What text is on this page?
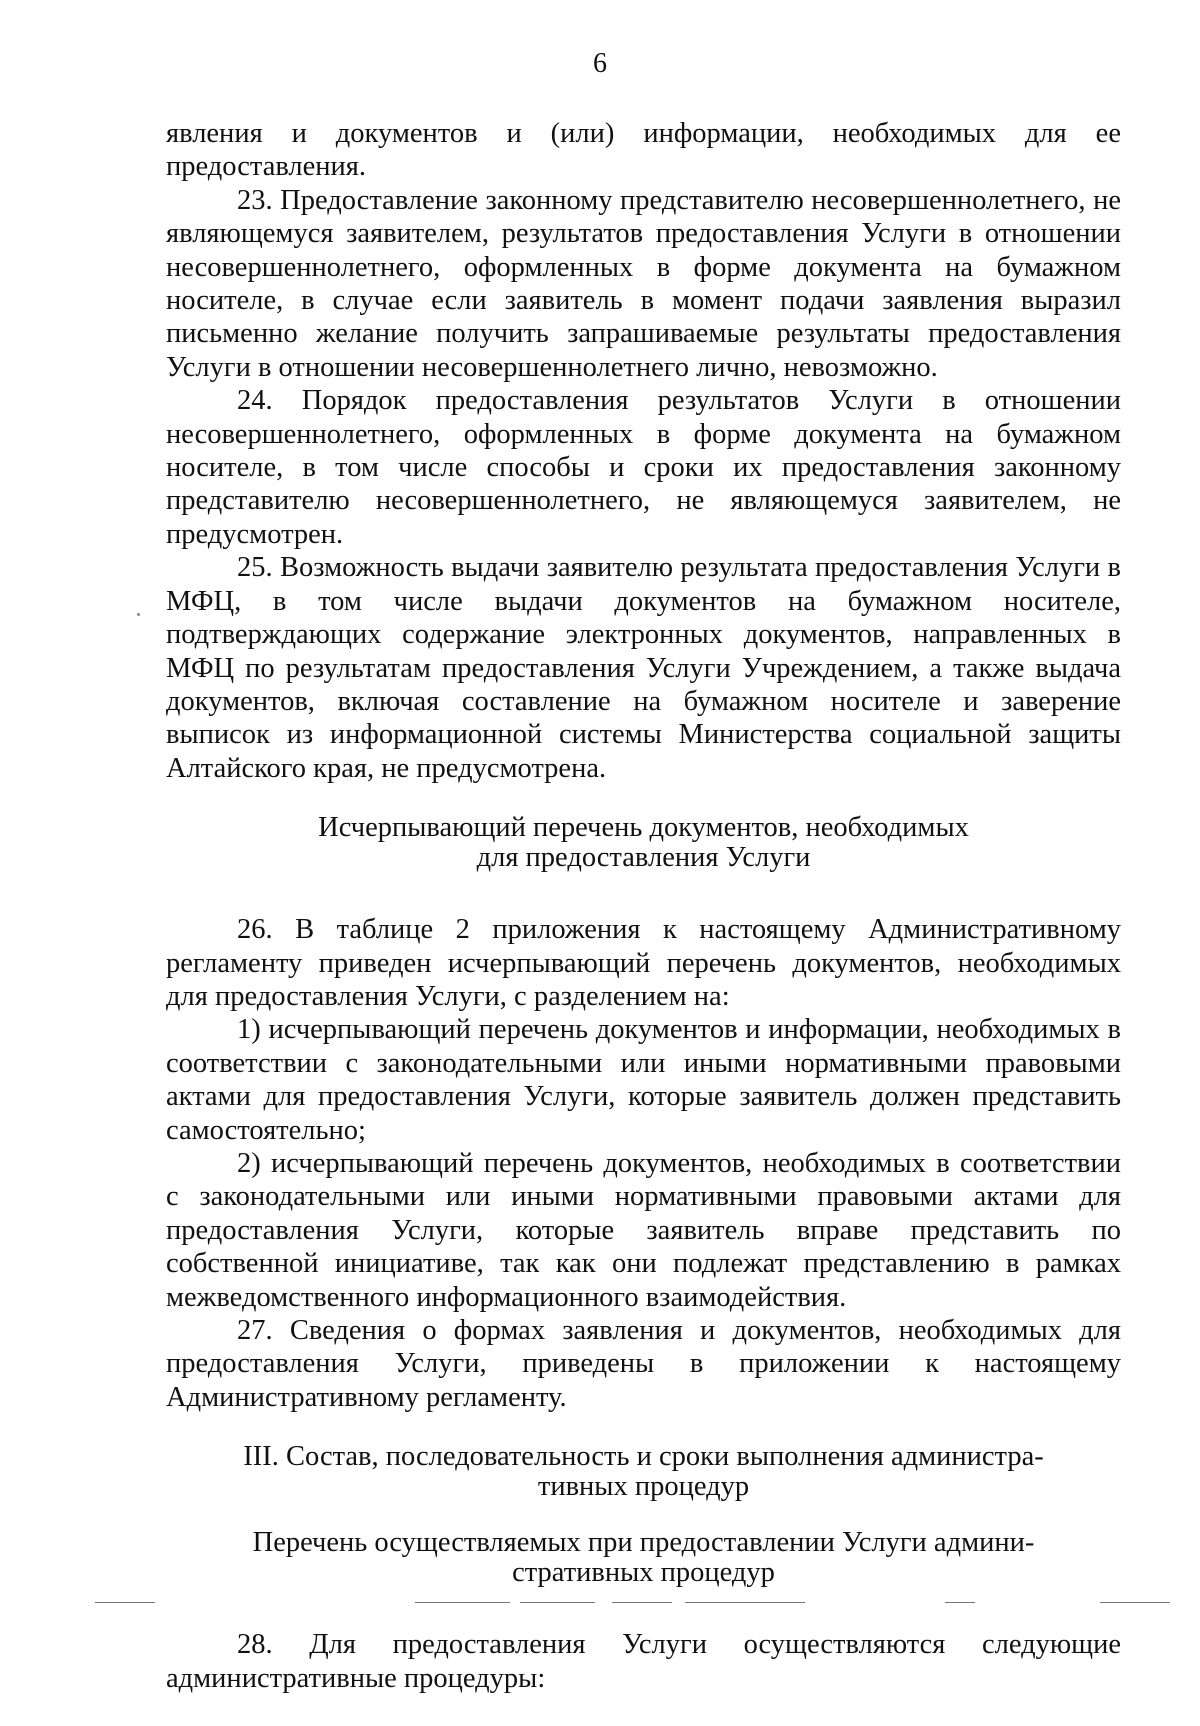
6

явления и документов и (или) информации, необходимых для ее предоставления.

23. Предоставление законному представителю несовершеннолетнего, не являющемуся заявителем, результатов предоставления Услуги в отношении несовершеннолетнего, оформленных в форме документа на бумажном носителе, в случае если заявитель в момент подачи заявления выразил письменно желание получить запрашиваемые результаты предоставления Услуги в отношении несовершеннолетнего лично, невозможно.

24. Порядок предоставления результатов Услуги в отношении несовершеннолетнего, оформленных в форме документа на бумажном носителе, в том числе способы и сроки их предоставления законному представителю несовершеннолетнего, не являющемуся заявителем, не предусмотрен.

25. Возможность выдачи заявителю результата предоставления Услуги в МФЦ, в том числе выдачи документов на бумажном носителе, подтверждающих содержание электронных документов, направленных в МФЦ по результатам предоставления Услуги Учреждением, а также выдача документов, включая составление на бумажном носителе и заверение выписок из информационной системы Министерства социальной защиты Алтайского края, не предусмотрена.

Исчерпывающий перечень документов, необходимых
для предоставления Услуги

26. В таблице 2 приложения к настоящему Административному регламенту приведен исчерпывающий перечень документов, необходимых для предоставления Услуги, с разделением на:

1) исчерпывающий перечень документов и информации, необходимых в соответствии с законодательными или иными нормативными правовыми актами для предоставления Услуги, которые заявитель должен представить самостоятельно;

2) исчерпывающий перечень документов, необходимых в соответствии с законодательными или иными нормативными правовыми актами для предоставления Услуги, которые заявитель вправе представить по собственной инициативе, так как они подлежат представлению в рамках межведомственного информационного взаимодействия.

27. Сведения о формах заявления и документов, необходимых для предоставления Услуги, приведены в приложении к настоящему Административному регламенту.

III. Состав, последовательность и сроки выполнения администра-
тивных процедур
Перечень осуществляемых при предоставлении Услуги админи-
стративных процедур

28. Для предоставления Услуги осуществляются следующие административные процедуры:
